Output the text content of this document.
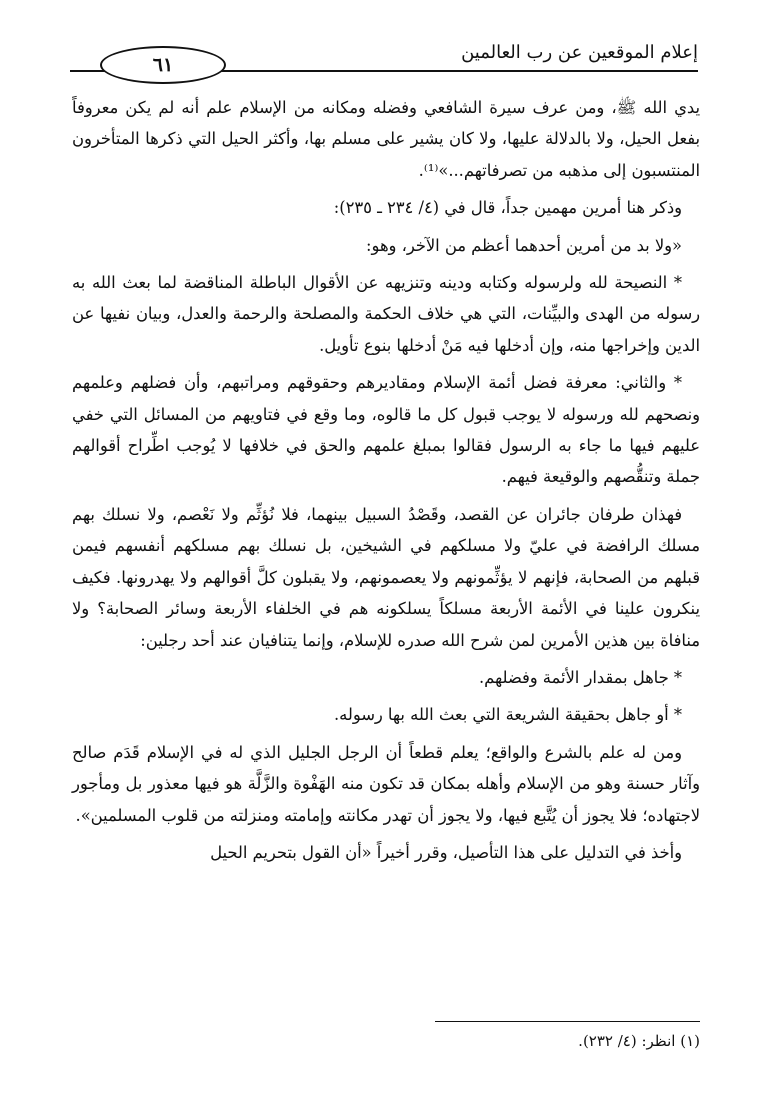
٦١
إعلام الموقعين عن رب العالمين

يدي الله ﷺ، ومن عرف سيرة الشافعي وفضله ومكانه من الإسلام علم أنه لم يكن معروفاً بفعل الحيل، ولا بالدلالة عليها، ولا كان يشير على مسلم بها، وأكثر الحيل التي ذكرها المتأخرون المنتسبون إلى مذهبه من تصرفاتهم...»⁽¹⁾.

وذكر هنا أمرين مهمين جداً، قال في (٤/ ٢٣٤ ـ ٢٣٥):

«ولا بد من أمرين أحدهما أعظم من الآخر، وهو:

* النصيحة لله ولرسوله وكتابه ودينه وتنزيهه عن الأقوال الباطلة المناقضة لما بعث الله به رسوله من الهدى والبيِّنات، التي هي خلاف الحكمة والمصلحة والرحمة والعدل، وبيان نفيها عن الدين وإخراجها منه، وإن أدخلها فيه مَنْ أدخلها بنوع تأويل.

* والثاني: معرفة فضل أئمة الإسلام ومقاديرهم وحقوقهم ومراتبهم، وأن فضلهم وعلمهم ونصحهم لله ورسوله لا يوجب قبول كل ما قالوه، وما وقع في فتاويهم من المسائل التي خفي عليهم فيها ما جاء به الرسول فقالوا بمبلغ علمهم والحق في خلافها لا يُوجب اطِّراح أقوالهم جملة وتنقُّصهم والوقيعة فيهم.

فهذان طرفان جائران عن القصد، وقَصْدُ السبيل بينهما، فلا نُؤثِّم ولا نَعْصم، ولا نسلك بهم مسلك الرافضة في عليّ ولا مسلكهم في الشيخين، بل نسلك بهم مسلكهم أنفسهم فيمن قبلهم من الصحابة، فإنهم لا يؤثِّمونهم ولا يعصمونهم، ولا يقبلون كلَّ أقوالهم ولا يهدرونها. فكيف ينكرون علينا في الأئمة الأربعة مسلكاً يسلكونه هم في الخلفاء الأربعة وسائر الصحابة؟ ولا منافاة بين هذين الأمرين لمن شرح الله صدره للإسلام، وإنما يتنافيان عند أحد رجلين:

* جاهل بمقدار الأئمة وفضلهم.

* أو جاهل بحقيقة الشريعة التي بعث الله بها رسوله.

ومن له علم بالشرع والواقع؛ يعلم قطعاً أن الرجل الجليل الذي له في الإسلام قَدَم صالح وآثار حسنة وهو من الإسلام وأهله بمكان قد تكون منه الهَفْوة والزَّلَّة هو فيها معذور بل ومأجور لاجتهاده؛ فلا يجوز أن يُتَّبع فيها، ولا يجوز أن تهدر مكانته وإمامته ومنزلته من قلوب المسلمين».

وأخذ في التدليل على هذا التأصيل، وقرر أخيراً «أن القول بتحريم الحيل

(١) انظر: (٤/ ٢٣٢).
